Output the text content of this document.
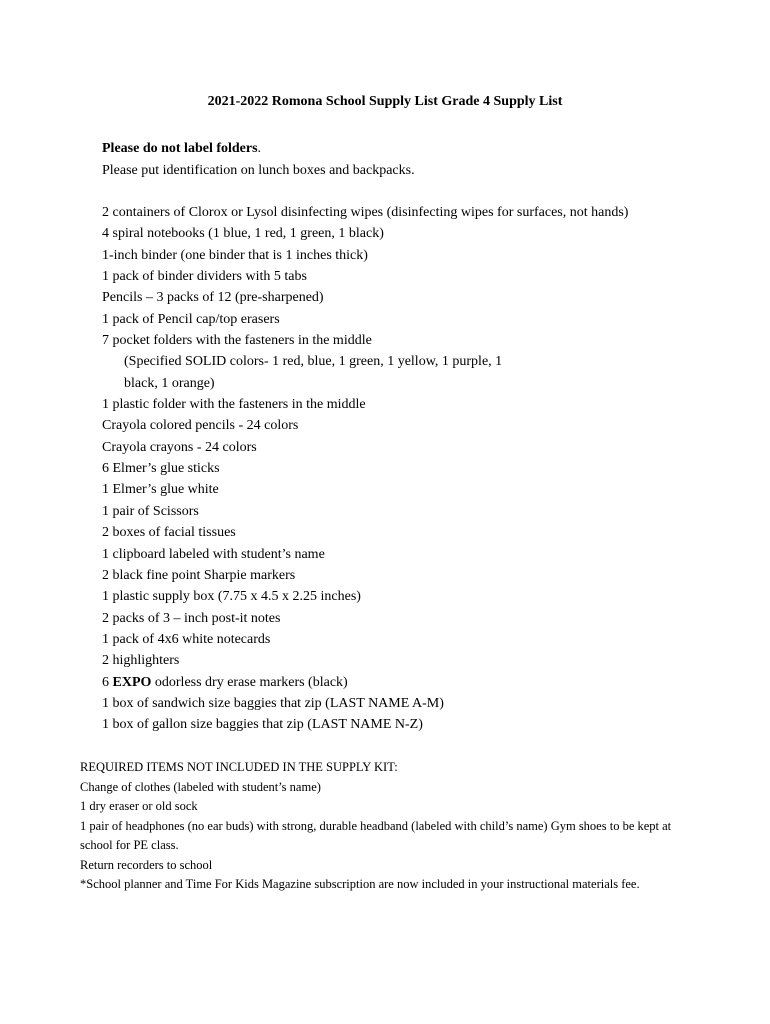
2021-2022 Romona School Supply List Grade 4 Supply List

Please do not label folders.

Please put identification on lunch boxes and backpacks.

2 containers of Clorox or Lysol disinfecting wipes (disinfecting wipes for surfaces, not hands)
4 spiral notebooks (1 blue, 1 red, 1 green, 1 black)
1-inch binder (one binder that is 1 inches thick)
1 pack of binder dividers with 5 tabs
Pencils – 3 packs of 12 (pre-sharpened)
1 pack of Pencil cap/top erasers
7 pocket folders with the fasteners in the middle
(Specified SOLID colors- 1 red, blue, 1 green, 1 yellow, 1 purple, 1
black, 1 orange)
1 plastic folder with the fasteners in the middle
Crayola colored pencils - 24 colors
Crayola crayons - 24 colors
6 Elmer’s glue sticks
1 Elmer’s glue white
1 pair of Scissors
2 boxes of facial tissues
1 clipboard labeled with student’s name
2 black fine point Sharpie markers
1 plastic supply box (7.75 x 4.5 x 2.25 inches)
2 packs of 3 – inch post-it notes
1 pack of 4x6 white notecards
2 highlighters
6 EXPO odorless dry erase markers (black)
1 box of sandwich size baggies that zip (LAST NAME A-M)
1 box of gallon size baggies that zip (LAST NAME N-Z)

REQUIRED ITEMS NOT INCLUDED IN THE SUPPLY KIT:

Change of clothes (labeled with student’s name)

1 dry eraser or old sock

1 pair of headphones (no ear buds) with strong, durable headband (labeled with child’s name) Gym shoes to be kept at school for PE class.

Return recorders to school

*School planner and Time For Kids Magazine subscription are now included in your instructional materials fee.
